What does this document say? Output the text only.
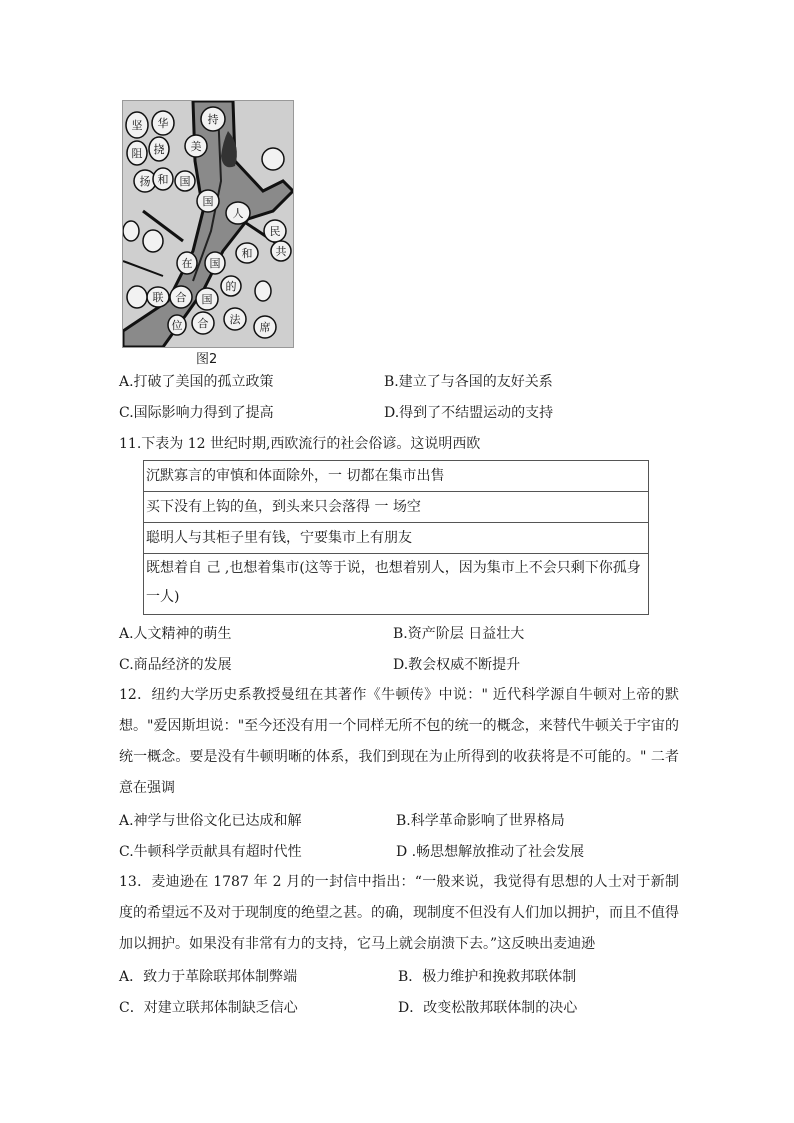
华	持
美
阻 挠
扬 和 国
国
人
民
共
和
国
在
联 合 国
的
合 法
席
位
坚
图2
A.打破了美国的孤立政策	B.建立了与各国的友好关系
C.国际影响力得到了提高	D.得到了不结盟运动的支持
11.下表为 12 世纪时期,西欧流行的社会俗谚。这说明西欧
沉默寡言的审慎和体面除外，一 切都在集市出售
买下没有上钩的鱼，到头来只会落得 一 场空
聪明人与其柜子里有钱，宁要集市上有朋友
既想着自 己 ,也想着集市(这等于说，也想着别人，因为集市上不会只剩下你孤身 一人)
A.人文精神的萌生	B.资产阶层 日益壮大
C.商品经济的发展	D.教会权威不断提升
12．纽约大学历史系教授曼纽在其著作《牛顿传》中说：" 近代科学源自牛顿对上帝的默想。"爱因斯坦说："至今还没有用一个同样无所不包的统一的概念，来替代牛顿关于宇宙的统一概念。要是没有牛顿明晰的体系，我们到现在为止所得到的收获将是不可能的。" 二者意在强调
A.神学与世俗文化已达成和解	B.科学革命影响了世界格局
C.牛顿科学贡献具有超时代性	D .畅思想解放推动了社会发展
13．麦迪逊在 1787 年 2 月的一封信中指出：“一般来说，我觉得有思想的人士对于新制度的希望远不及对于现制度的绝望之甚。的确，现制度不但没有人们加以拥护，而且不值得加以拥护。如果没有非常有力的支持，它马上就会崩溃下去。”这反映出麦迪逊
A．致力于革除联邦体制弊端	B．极力维护和挽救邦联体制
C．对建立联邦体制缺乏信心	D．改变松散邦联体制的决心
